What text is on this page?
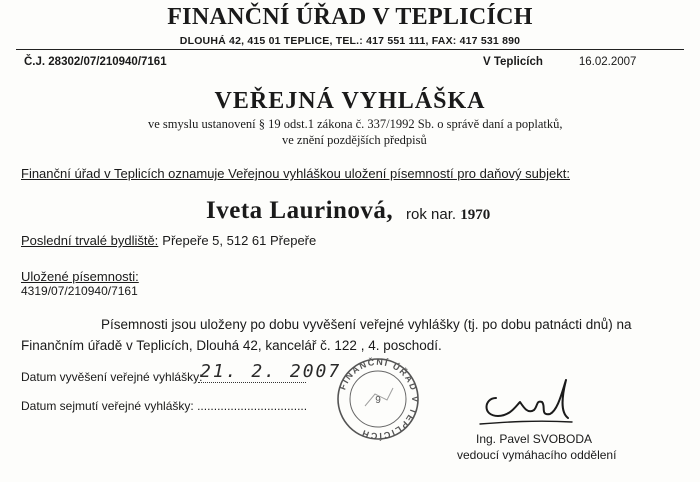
FINANČNÍ ÚŘAD V TEPLICÍCH
DLOUHÁ 42, 415 01 TEPLICE, TEL.: 417 551 111, FAX: 417 531 890
Č.J. 28302/07/210940/7161	V Teplicích	16.02.2007
VEŘEJNÁ VYHLÁŠKA
ve smyslu ustanovení § 19 odst.1 zákona č. 337/1992 Sb. o správě daní a poplatků,
ve znění pozdějších předpisů
Finanční úřad v Teplicích oznamuje Veřejnou vyhláškou uložení písemností pro daňový subjekt:
Iveta Laurinová, rok nar. 1970
Poslední trvalé bydliště: Přepeře 5, 512 61 Přepeře
Uložené písemnosti:
4319/07/210940/7161
Písemnosti jsou uloženy po dobu vyvěšení veřejné vyhlášky (tj. po dobu patnácti dnů) na Finančním úřadě v Teplicích, Dlouhá 42, kancelář č. 122 , 4. poschodí.
Datum vyvěšení veřejné vyhlášky:
21. 2. 2007
Datum sejmutí veřejné vyhlášky: .................................
FINANČNÍ ÚŘAD V TEPLICÍCH
9
Ing. Pavel SVOBODA
vedoucí vymáhacího oddělení
